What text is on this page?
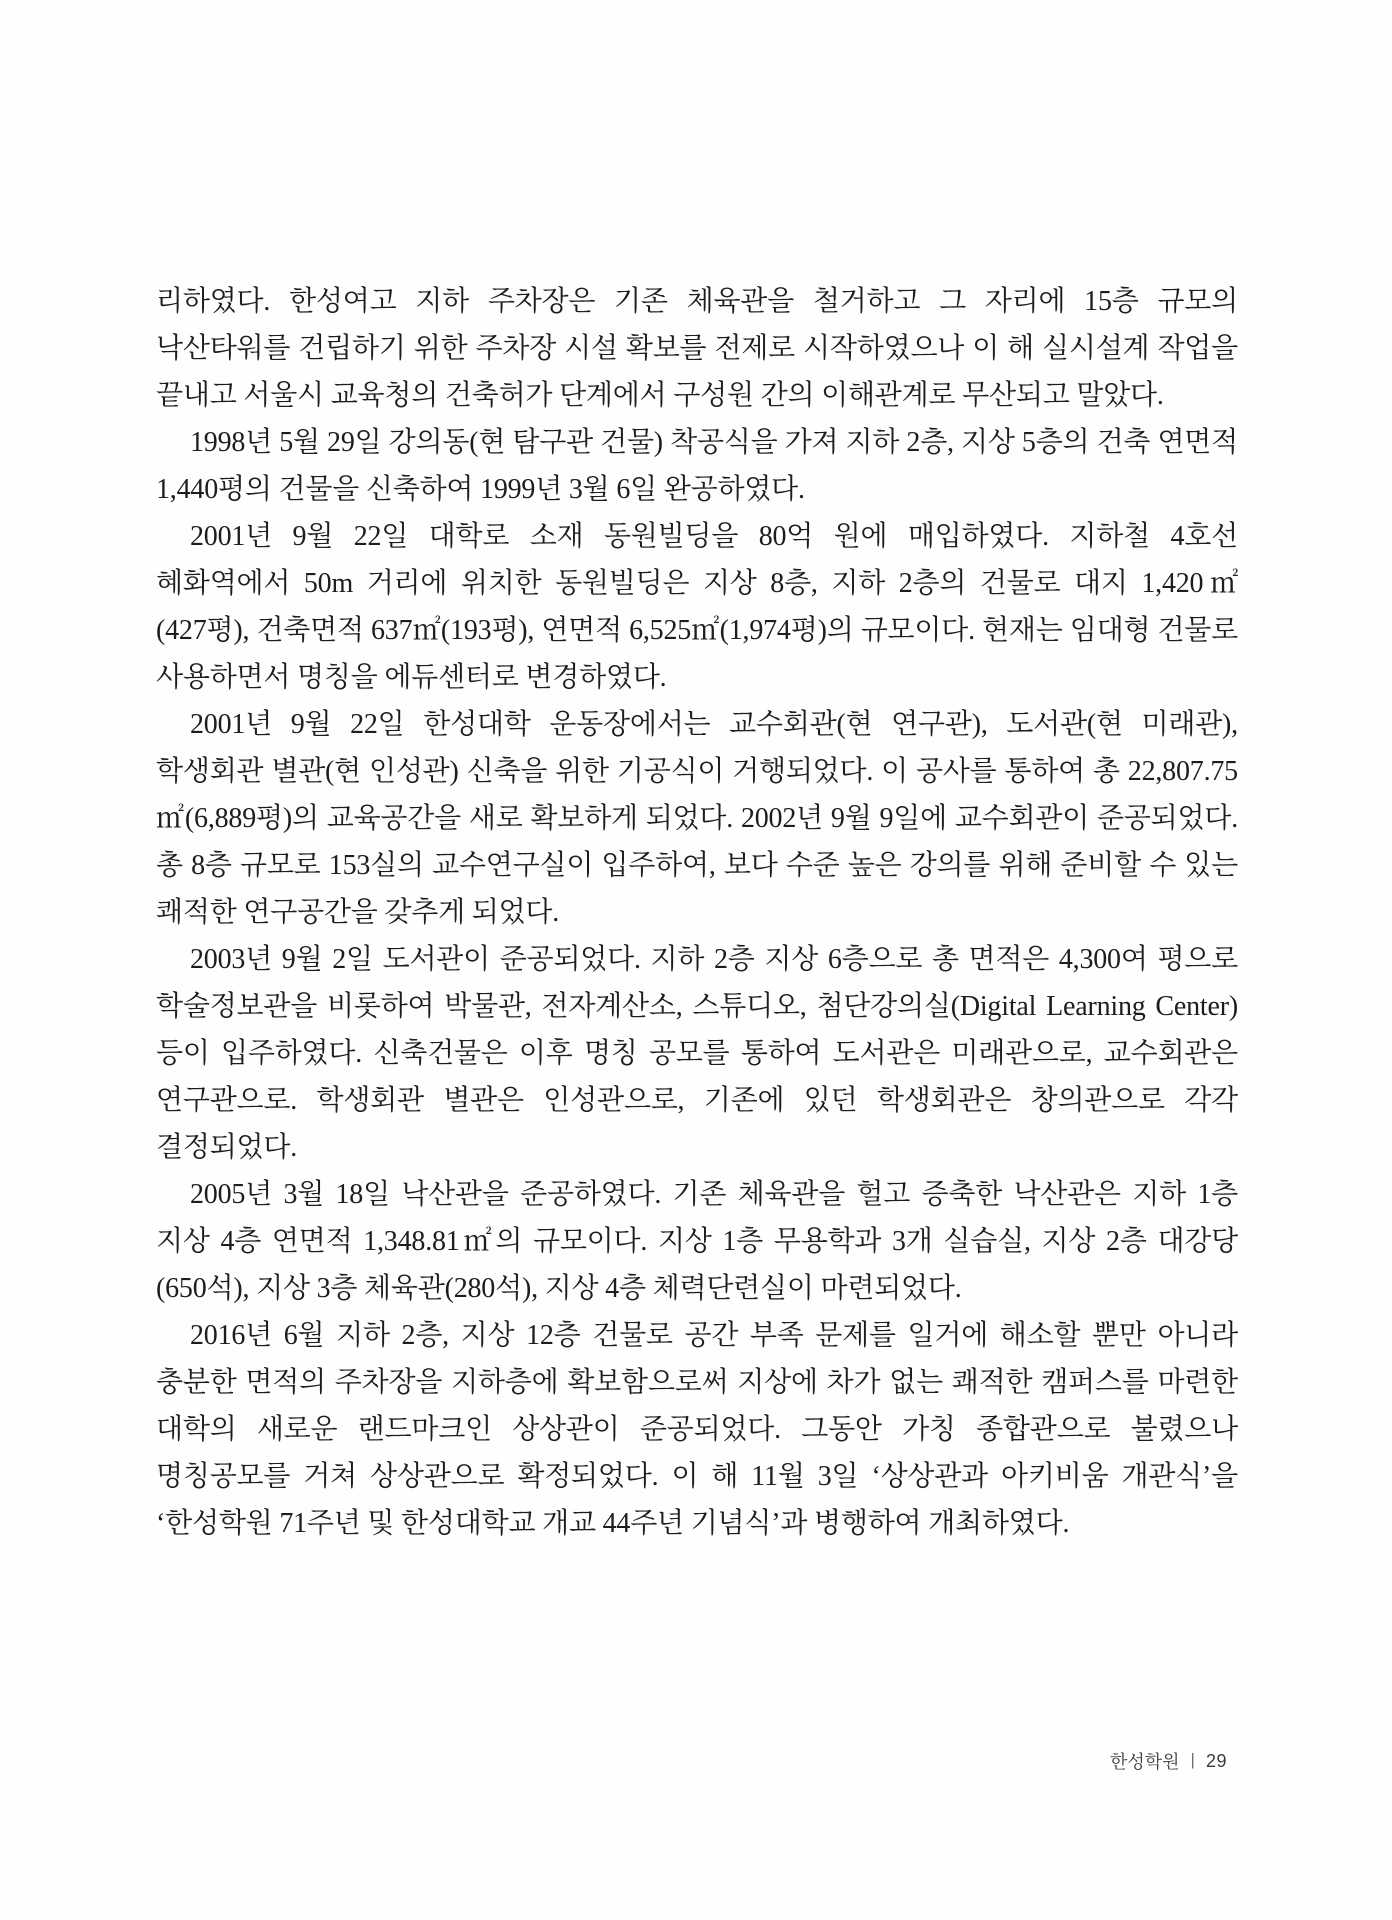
리하였다. 한성여고 지하 주차장은 기존 체육관을 철거하고 그 자리에 15층 규모의 낙산타워를 건립하기 위한 주차장 시설 확보를 전제로 시작하였으나 이 해 실시설계 작업을 끝내고 서울시 교육청의 건축허가 단계에서 구성원 간의 이해관계로 무산되고 말았다.

1998년 5월 29일 강의동(현 탐구관 건물) 착공식을 가져 지하 2층, 지상 5층의 건축 연면적 1,440평의 건물을 신축하여 1999년 3월 6일 완공하였다.

2001년 9월 22일 대학로 소재 동원빌딩을 80억 원에 매입하였다. 지하철 4호선 혜화역에서 50m 거리에 위치한 동원빌딩은 지상 8층, 지하 2층의 건물로 대지 1,420㎡(427평), 건축면적 637㎡(193평), 연면적 6,525㎡(1,974평)의 규모이다. 현재는 임대형 건물로 사용하면서 명칭을 에듀센터로 변경하였다.

2001년 9월 22일 한성대학 운동장에서는 교수회관(현 연구관), 도서관(현 미래관), 학생회관 별관(현 인성관) 신축을 위한 기공식이 거행되었다. 이 공사를 통하여 총 22,807.75㎡(6,889평)의 교육공간을 새로 확보하게 되었다. 2002년 9월 9일에 교수회관이 준공되었다. 총 8층 규모로 153실의 교수연구실이 입주하여, 보다 수준 높은 강의를 위해 준비할 수 있는 쾌적한 연구공간을 갖추게 되었다.

2003년 9월 2일 도서관이 준공되었다. 지하 2층 지상 6층으로 총 면적은 4,300여 평으로 학술정보관을 비롯하여 박물관, 전자계산소, 스튜디오, 첨단강의실(Digital Learning Center) 등이 입주하였다. 신축건물은 이후 명칭 공모를 통하여 도서관은 미래관으로, 교수회관은 연구관으로. 학생회관 별관은 인성관으로, 기존에 있던 학생회관은 창의관으로 각각 결정되었다.

2005년 3월 18일 낙산관을 준공하였다. 기존 체육관을 헐고 증축한 낙산관은 지하 1층 지상 4층 연면적 1,348.81㎡의 규모이다. 지상 1층 무용학과 3개 실습실, 지상 2층 대강당(650석), 지상 3층 체육관(280석), 지상 4층 체력단련실이 마련되었다.

2016년 6월 지하 2층, 지상 12층 건물로 공간 부족 문제를 일거에 해소할 뿐만 아니라 충분한 면적의 주차장을 지하층에 확보함으로써 지상에 차가 없는 쾌적한 캠퍼스를 마련한 대학의 새로운 랜드마크인 상상관이 준공되었다. 그동안 가칭 종합관으로 불렸으나 명칭공모를 거쳐 상상관으로 확정되었다. 이 해 11월 3일 ‘상상관과 아키비움 개관식’을 ‘한성학원 71주년 및 한성대학교 개교 44주년 기념식’과 병행하여 개최하였다.

한성학원 | 29
